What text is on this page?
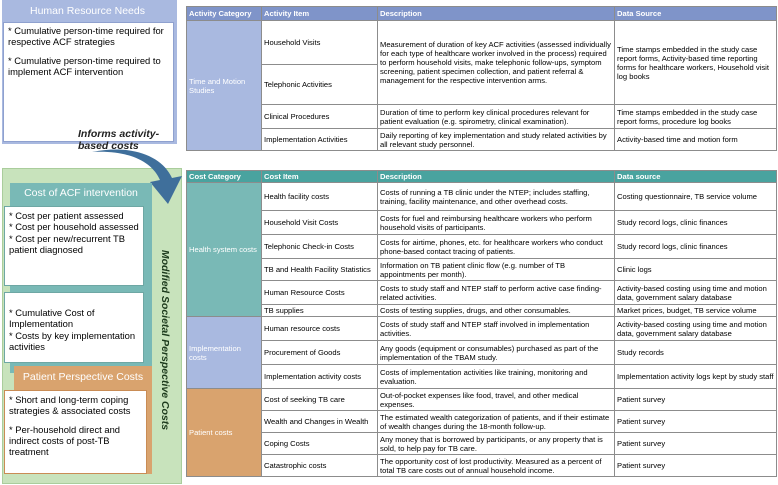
Human Resource Needs
* Cumulative person-time required for respective ACF strategies
* Cumulative person-time required to implement ACF intervention
Modified Societal Perspective Costs
Informs activity-based costs
Cost of ACF intervention
* Cost per patient assessed
* Cost per household assessed
* Cost per new/recurrent TB patient diagnosed
* Cumulative Cost of Implementation
* Costs by key implementation activities
Patient Perspective Costs
* Short and long-term coping strategies & associated costs
* Per-household direct and indirect costs of post-TB treatment
Activity Category	Activity Item	Description	Data Source
Time and Motion Studies	Household Visits	Measurement of duration of key ACF activities (assessed individually for each type of healthcare worker involved in the process) required to perform household visits, make telephonic follow-ups, symptom screening, patient specimen collection, and patient referral & management for the respective intervention arms.	Time stamps embedded in the study case report forms, Activity-based time reporting forms for healthcare workers, Household visit log books
	Telephonic Activities		
	Clinical Procedures	Duration of time to perform key clinical procedures relevant for patient evaluation (e.g. spirometry, clinical examination).	Time stamps embedded in the study case report forms, procedure log books
	Implementation Activities	Daily reporting of key implementation and study related activities by all relevant study personnel.	Activity-based time and motion form
Cost Category	Cost Item	Description	Data source
Health system costs	Health facility costs	Costs of running a TB clinic under the NTEP; includes staffing, training, facility maintenance, and other overhead costs.	Costing questionnaire, TB service volume
	Household Visit Costs	Costs for fuel and reimbursing healthcare workers who perform household visits of participants.	Study record logs, clinic finances
	Telephonic Check-in Costs	Costs for airtime, phones, etc. for healthcare workers who conduct phone-based contact tracing of patients.	Study record logs, clinic finances
	TB and Health Facility Statistics	Information on TB patient clinic flow (e.g. number of TB appointments per month).	Clinic logs
	Human Resource Costs	Costs to study staff and NTEP staff to perform active case finding-related activities.	Activity-based costing using time and motion data, government salary database
	TB supplies	Costs of testing supplies, drugs, and other consumables.	Market prices, budget, TB service volume
Implementation costs	Human resource costs	Costs of study staff and NTEP staff involved in implementation activities.	Activity-based costing using time and motion data, government salary database
	Procurement of Goods	Any goods (equipment or consumables) purchased as part of the implementation of the TBAM study.	Study records
	Implementation activity costs	Costs of implementation activities like training, monitoring and evaluation.	Implementation activity logs kept by study staff
Patient costs	Cost of seeking TB care	Out-of-pocket expenses like food, travel, and other medical expenses.	Patient survey
	Wealth and Changes in Wealth	The estimated wealth categorization of patients, and if their estimate of wealth changes during the 18-month follow-up.	Patient survey
	Coping Costs	Any money that is borrowed by participants, or any property that is sold, to help pay for TB care.	Patient survey
	Catastrophic costs	The opportunity cost of lost productivity. Measured as a percent of total TB care costs out of annual household income.	Patient survey
